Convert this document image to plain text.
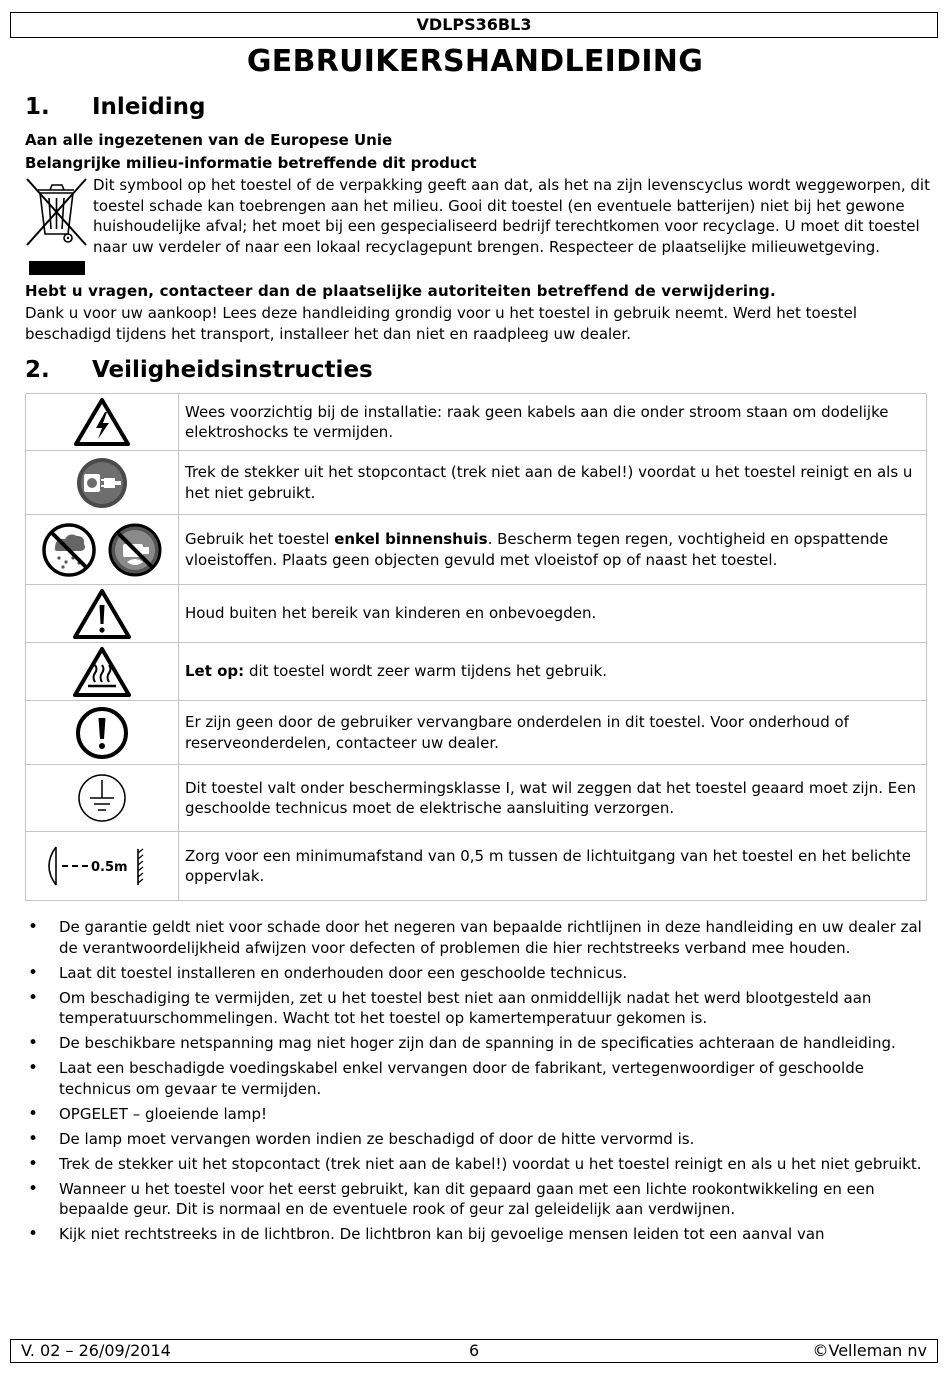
VDLPS36BL3
GEBRUIKERSHANDLEIDING
1. Inleiding
Aan alle ingezetenen van de Europese Unie
Belangrijke milieu-informatie betreffende dit product
Dit symbool op het toestel of de verpakking geeft aan dat, als het na zijn levenscyclus wordt weggeworpen, dit toestel schade kan toebrengen aan het milieu. Gooi dit toestel (en eventuele batterijen) niet bij het gewone huishoudelijke afval; het moet bij een gespecialiseerd bedrijf terechtkomen voor recyclage. U moet dit toestel naar uw verdeler of naar een lokaal recyclagepunt brengen. Respecteer de plaatselijke milieuwetgeving.
Hebt u vragen, contacteer dan de plaatselijke autoriteiten betreffend de verwijdering.
Dank u voor uw aankoop! Lees deze handleiding grondig voor u het toestel in gebruik neemt. Werd het toestel beschadigd tijdens het transport, installeer het dan niet en raadpleeg uw dealer.
2. Veiligheidsinstructies
	Wees voorzichtig bij de installatie: raak geen kabels aan die onder stroom staan om dodelijke elektroshocks te vermijden.
	Trek de stekker uit het stopcontact (trek niet aan de kabel!) voordat u het toestel reinigt en als u het niet gebruikt.
	Gebruik het toestel enkel binnenshuis. Bescherm tegen regen, vochtigheid en opspattende vloeistoffen. Plaats geen objecten gevuld met vloeistof op of naast het toestel.
	Houd buiten het bereik van kinderen en onbevoegden.
	Let op: dit toestel wordt zeer warm tijdens het gebruik.
	Er zijn geen door de gebruiker vervangbare onderdelen in dit toestel. Voor onderhoud of reserveonderdelen, contacteer uw dealer.
	Dit toestel valt onder beschermingsklasse I, wat wil zeggen dat het toestel geaard moet zijn. Een geschoolde technicus moet de elektrische aansluiting verzorgen.

0.5m	Zorg voor een minimumafstand van 0,5 m tussen de lichtuitgang van het toestel en het belichte oppervlak.
• De garantie geldt niet voor schade door het negeren van bepaalde richtlijnen in deze handleiding en uw dealer zal de verantwoordelijkheid afwijzen voor defecten of problemen die hier rechtstreeks verband mee houden.
• Laat dit toestel installeren en onderhouden door een geschoolde technicus.
• Om beschadiging te vermijden, zet u het toestel best niet aan onmiddellijk nadat het werd blootgesteld aan temperatuurschommelingen. Wacht tot het toestel op kamertemperatuur gekomen is.
• De beschikbare netspanning mag niet hoger zijn dan de spanning in de specificaties achteraan de handleiding.
• Laat een beschadigde voedingskabel enkel vervangen door de fabrikant, vertegenwoordiger of geschoolde technicus om gevaar te vermijden.
• OPGELET – gloeiende lamp!
• De lamp moet vervangen worden indien ze beschadigd of door de hitte vervormd is.
• Trek de stekker uit het stopcontact (trek niet aan de kabel!) voordat u het toestel reinigt en als u het niet gebruikt.
• Wanneer u het toestel voor het eerst gebruikt, kan dit gepaard gaan met een lichte rookontwikkeling en een bepaalde geur. Dit is normaal en de eventuele rook of geur zal geleidelijk aan verdwijnen.
• Kijk niet rechtstreeks in de lichtbron. De lichtbron kan bij gevoelige mensen leiden tot een aanval van
V. 02 – 26/09/2014	6	©Velleman nv
